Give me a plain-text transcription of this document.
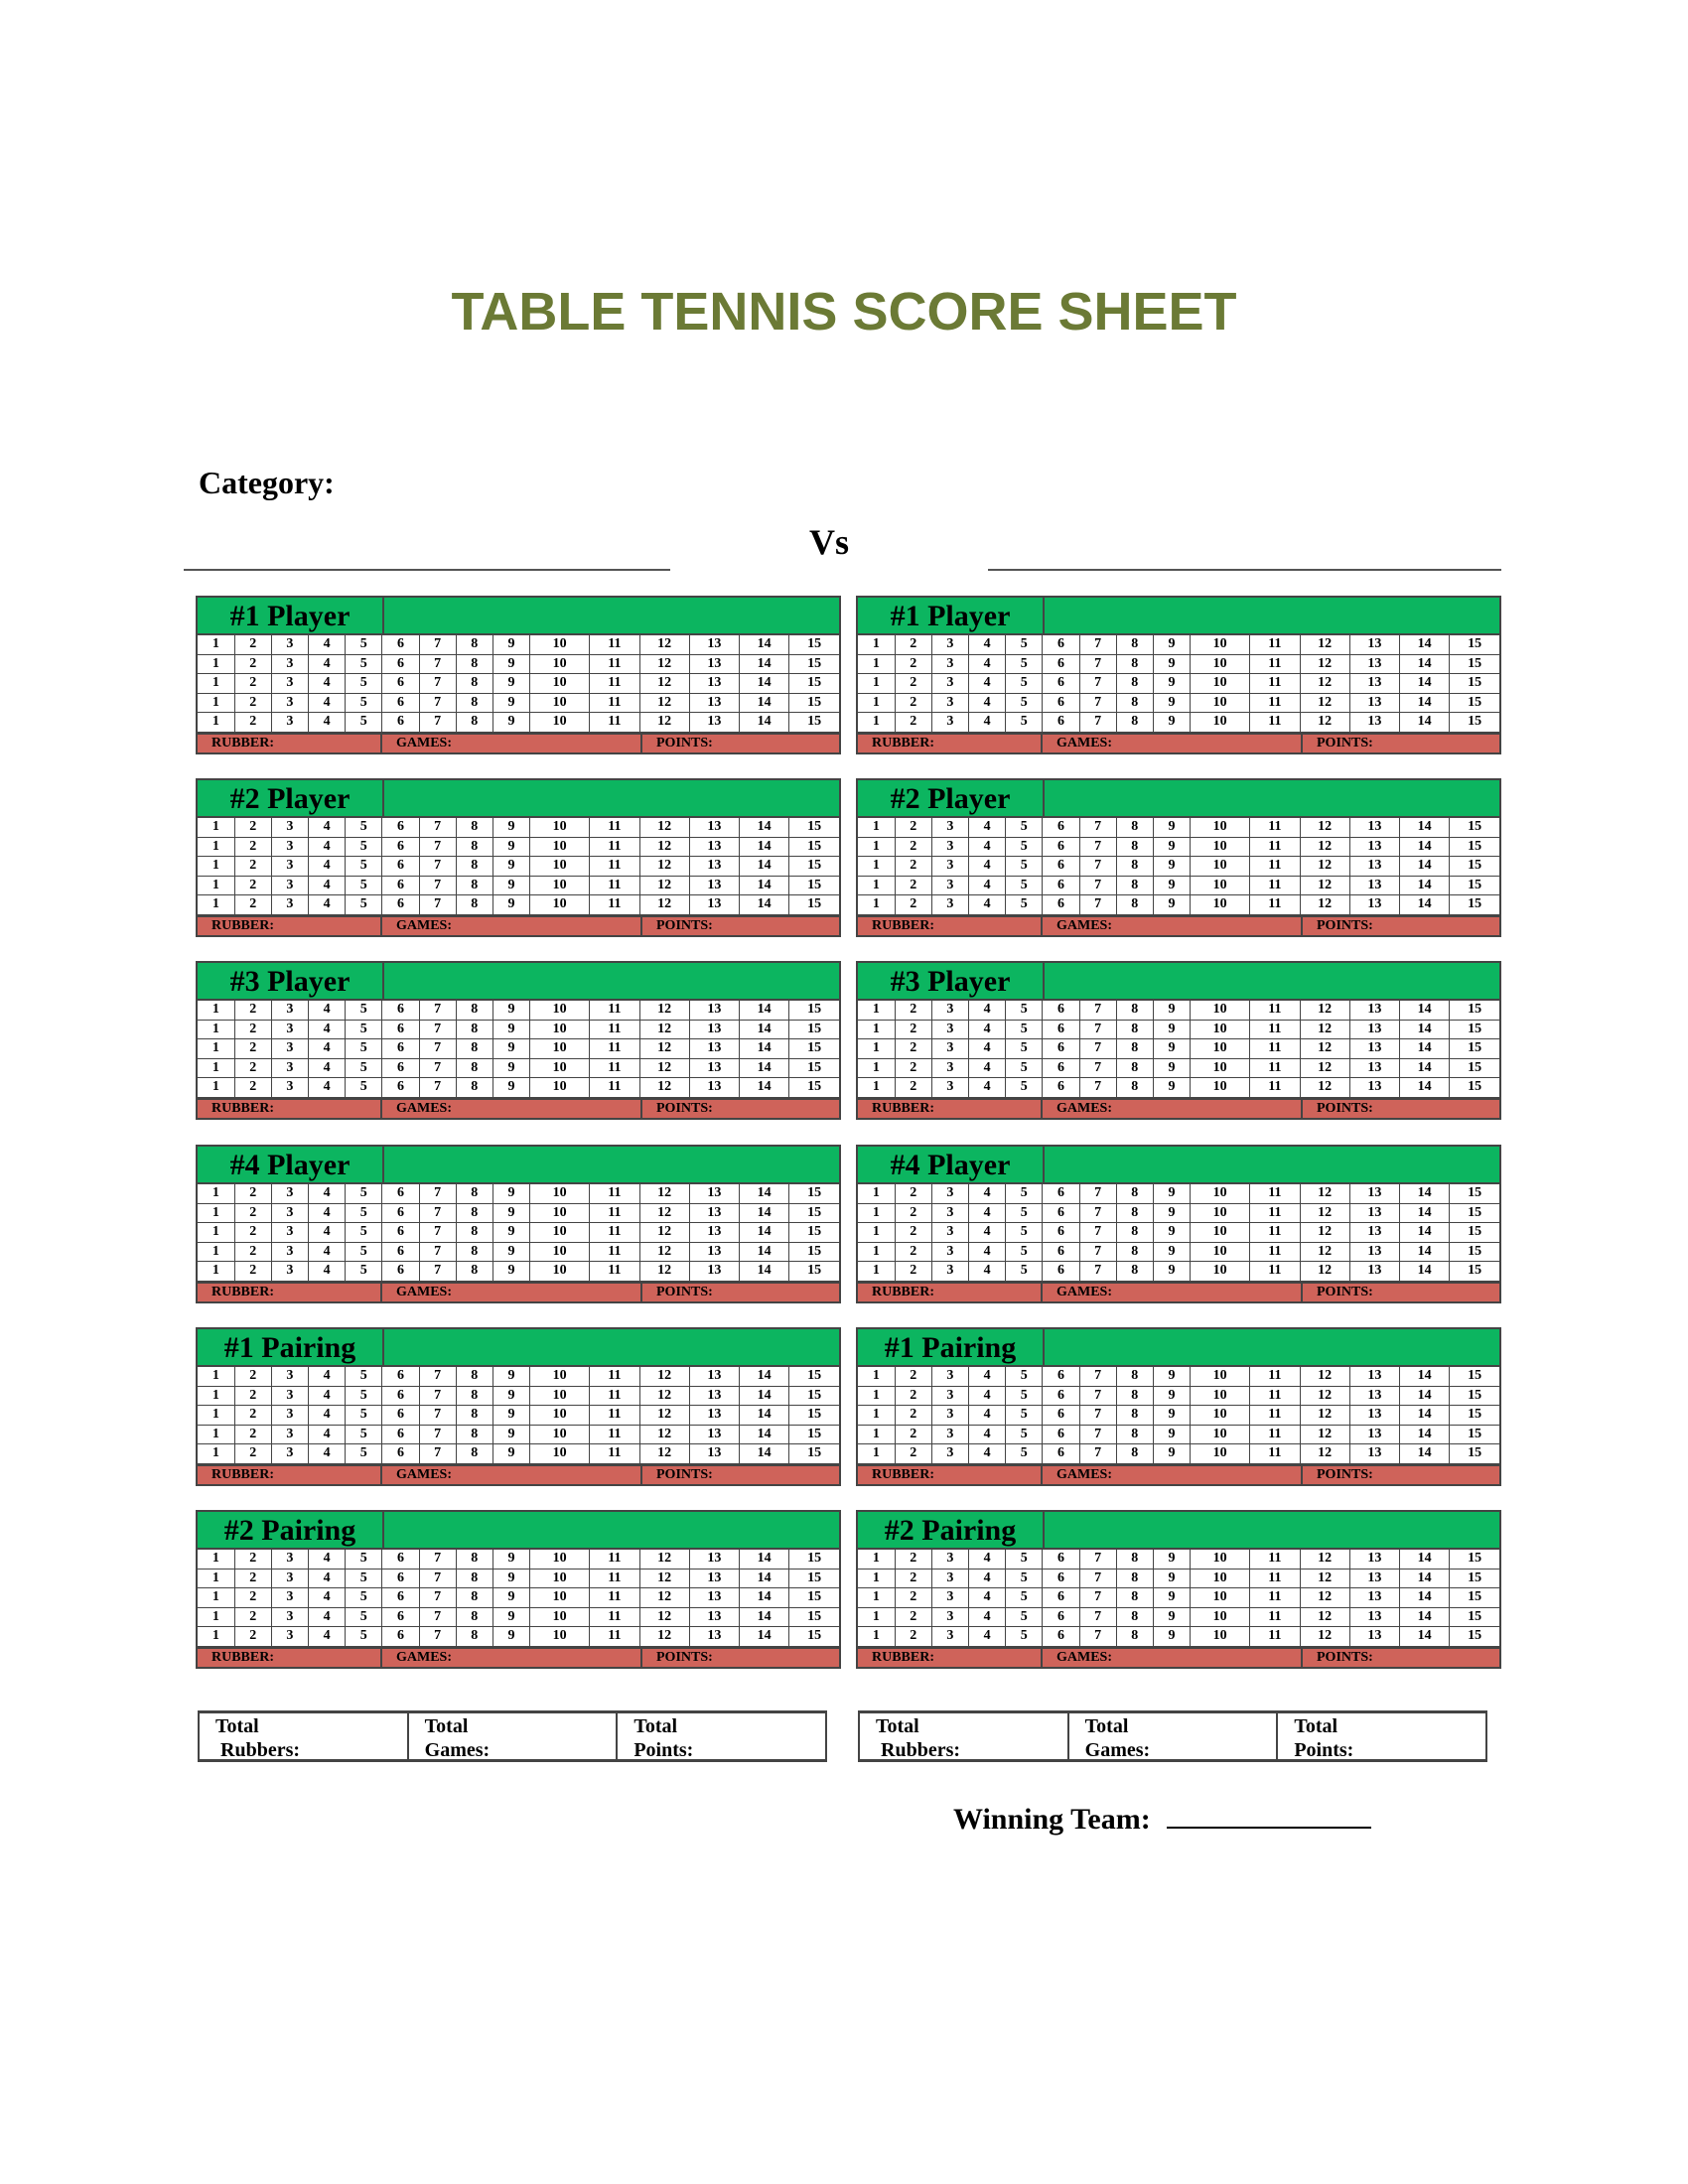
TABLE TENNIS SCORE SHEET
Category:
Vs
#1 Player
1	2	3	4	5	6	7	8	9	10	11	12	13	14	15
1	2	3	4	5	6	7	8	9	10	11	12	13	14	15
1	2	3	4	5	6	7	8	9	10	11	12	13	14	15
1	2	3	4	5	6	7	8	9	10	11	12	13	14	15
1	2	3	4	5	6	7	8	9	10	11	12	13	14	15
RUBBER:	GAMES:	POINTS:
#1 Player
1	2	3	4	5	6	7	8	9	10	11	12	13	14	15
1	2	3	4	5	6	7	8	9	10	11	12	13	14	15
1	2	3	4	5	6	7	8	9	10	11	12	13	14	15
1	2	3	4	5	6	7	8	9	10	11	12	13	14	15
1	2	3	4	5	6	7	8	9	10	11	12	13	14	15
RUBBER:	GAMES:	POINTS:
#2 Player
1	2	3	4	5	6	7	8	9	10	11	12	13	14	15
1	2	3	4	5	6	7	8	9	10	11	12	13	14	15
1	2	3	4	5	6	7	8	9	10	11	12	13	14	15
1	2	3	4	5	6	7	8	9	10	11	12	13	14	15
1	2	3	4	5	6	7	8	9	10	11	12	13	14	15
RUBBER:	GAMES:	POINTS:
#2 Player
1	2	3	4	5	6	7	8	9	10	11	12	13	14	15
1	2	3	4	5	6	7	8	9	10	11	12	13	14	15
1	2	3	4	5	6	7	8	9	10	11	12	13	14	15
1	2	3	4	5	6	7	8	9	10	11	12	13	14	15
1	2	3	4	5	6	7	8	9	10	11	12	13	14	15
RUBBER:	GAMES:	POINTS:
#3 Player
1	2	3	4	5	6	7	8	9	10	11	12	13	14	15
1	2	3	4	5	6	7	8	9	10	11	12	13	14	15
1	2	3	4	5	6	7	8	9	10	11	12	13	14	15
1	2	3	4	5	6	7	8	9	10	11	12	13	14	15
1	2	3	4	5	6	7	8	9	10	11	12	13	14	15
RUBBER:	GAMES:	POINTS:
#3 Player
1	2	3	4	5	6	7	8	9	10	11	12	13	14	15
1	2	3	4	5	6	7	8	9	10	11	12	13	14	15
1	2	3	4	5	6	7	8	9	10	11	12	13	14	15
1	2	3	4	5	6	7	8	9	10	11	12	13	14	15
1	2	3	4	5	6	7	8	9	10	11	12	13	14	15
RUBBER:	GAMES:	POINTS:
#4 Player
1	2	3	4	5	6	7	8	9	10	11	12	13	14	15
1	2	3	4	5	6	7	8	9	10	11	12	13	14	15
1	2	3	4	5	6	7	8	9	10	11	12	13	14	15
1	2	3	4	5	6	7	8	9	10	11	12	13	14	15
1	2	3	4	5	6	7	8	9	10	11	12	13	14	15
RUBBER:	GAMES:	POINTS:
#4 Player
1	2	3	4	5	6	7	8	9	10	11	12	13	14	15
1	2	3	4	5	6	7	8	9	10	11	12	13	14	15
1	2	3	4	5	6	7	8	9	10	11	12	13	14	15
1	2	3	4	5	6	7	8	9	10	11	12	13	14	15
1	2	3	4	5	6	7	8	9	10	11	12	13	14	15
RUBBER:	GAMES:	POINTS:
#1 Pairing
1	2	3	4	5	6	7	8	9	10	11	12	13	14	15
1	2	3	4	5	6	7	8	9	10	11	12	13	14	15
1	2	3	4	5	6	7	8	9	10	11	12	13	14	15
1	2	3	4	5	6	7	8	9	10	11	12	13	14	15
1	2	3	4	5	6	7	8	9	10	11	12	13	14	15
RUBBER:	GAMES:	POINTS:
#1 Pairing
1	2	3	4	5	6	7	8	9	10	11	12	13	14	15
1	2	3	4	5	6	7	8	9	10	11	12	13	14	15
1	2	3	4	5	6	7	8	9	10	11	12	13	14	15
1	2	3	4	5	6	7	8	9	10	11	12	13	14	15
1	2	3	4	5	6	7	8	9	10	11	12	13	14	15
RUBBER:	GAMES:	POINTS:
#2 Pairing
1	2	3	4	5	6	7	8	9	10	11	12	13	14	15
1	2	3	4	5	6	7	8	9	10	11	12	13	14	15
1	2	3	4	5	6	7	8	9	10	11	12	13	14	15
1	2	3	4	5	6	7	8	9	10	11	12	13	14	15
1	2	3	4	5	6	7	8	9	10	11	12	13	14	15
RUBBER:	GAMES:	POINTS:
#2 Pairing
1	2	3	4	5	6	7	8	9	10	11	12	13	14	15
1	2	3	4	5	6	7	8	9	10	11	12	13	14	15
1	2	3	4	5	6	7	8	9	10	11	12	13	14	15
1	2	3	4	5	6	7	8	9	10	11	12	13	14	15
1	2	3	4	5	6	7	8	9	10	11	12	13	14	15
RUBBER:	GAMES:	POINTS:
Total
Rubbers:
Total
Games:
Total
Points:
Total
Rubbers:
Total
Games:
Total
Points:
Winning Team:
